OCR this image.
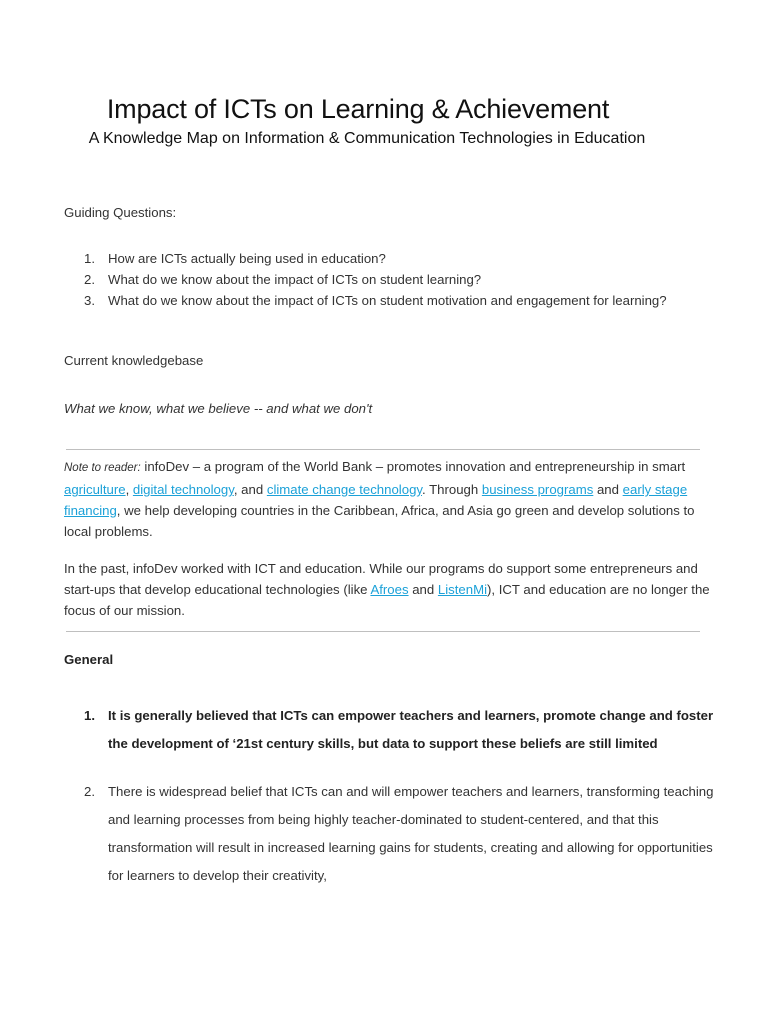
Impact of ICTs on Learning & Achievement
A Knowledge Map on Information & Communication Technologies in Education

Guiding Questions:

1. How are ICTs actually being used in education?
2. What do we know about the impact of ICTs on student learning?
3. What do we know about the impact of ICTs on student motivation and engagement for learning?

Current knowledgebase

What we know, what we believe -- and what we don't

Note to reader: infoDev – a program of the World Bank – promotes innovation and entrepreneurship in smart agriculture, digital technology, and climate change technology. Through business programs and early stage financing, we help developing countries in the Caribbean, Africa, and Asia go green and develop solutions to local problems.

In the past, infoDev worked with ICT and education. While our programs do support some entrepreneurs and start-ups that develop educational technologies (like Afroes and ListenMi), ICT and education are no longer the focus of our mission.

General

1. It is generally believed that ICTs can empower teachers and learners, promote change and foster the development of ‘21st century skills, but data to support these beliefs are still limited
2. There is widespread belief that ICTs can and will empower teachers and learners, transforming teaching and learning processes from being highly teacher-dominated to student-centered, and that this transformation will result in increased learning gains for students, creating and allowing for opportunities for learners to develop their creativity,
